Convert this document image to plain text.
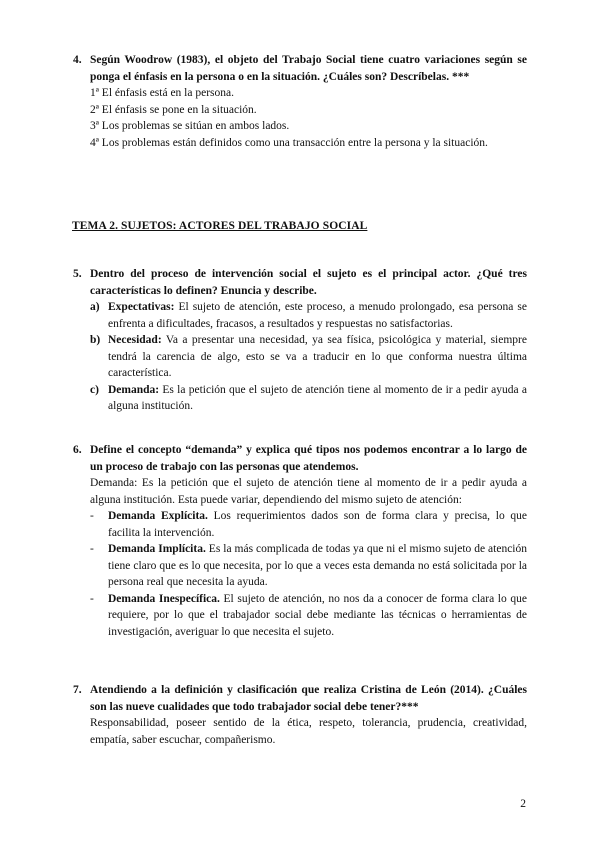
4. Según Woodrow (1983), el objeto del Trabajo Social tiene cuatro variaciones según se ponga el énfasis en la persona o en la situación. ¿Cuáles son? Descríbelas. ***
1ª El énfasis está en la persona.
2ª El énfasis se pone en la situación.
3ª Los problemas se sitúan en ambos lados.
4ª Los problemas están definidos como una transacción entre la persona y la situación.
TEMA 2. SUJETOS: ACTORES DEL TRABAJO SOCIAL
5. Dentro del proceso de intervención social el sujeto es el principal actor. ¿Qué tres características lo definen? Enuncia y describe.
a) Expectativas: El sujeto de atención, este proceso, a menudo prolongado, esa persona se enfrenta a dificultades, fracasos, a resultados y respuestas no satisfactorias.
b) Necesidad: Va a presentar una necesidad, ya sea física, psicológica y material, siempre tendrá la carencia de algo, esto se va a traducir en lo que conforma nuestra última característica.
c) Demanda: Es la petición que el sujeto de atención tiene al momento de ir a pedir ayuda a alguna institución.
6. Define el concepto “demanda” y explica qué tipos nos podemos encontrar a lo largo de un proceso de trabajo con las personas que atendemos.
Demanda: Es la petición que el sujeto de atención tiene al momento de ir a pedir ayuda a alguna institución. Esta puede variar, dependiendo del mismo sujeto de atención:
- Demanda Explícita. Los requerimientos dados son de forma clara y precisa, lo que facilita la intervención.
- Demanda Implícita. Es la más complicada de todas ya que ni el mismo sujeto de atención tiene claro que es lo que necesita, por lo que a veces esta demanda no está solicitada por la persona real que necesita la ayuda.
- Demanda Inespecífica. El sujeto de atención, no nos da a conocer de forma clara lo que requiere, por lo que el trabajador social debe mediante las técnicas o herramientas de investigación, averiguar lo que necesita el sujeto.
7. Atendiendo a la definición y clasificación que realiza Cristina de León (2014). ¿Cuáles son las nueve cualidades que todo trabajador social debe tener?***
Responsabilidad, poseer sentido de la ética, respeto, tolerancia, prudencia, creatividad, empatía, saber escuchar, compañerismo.
2
